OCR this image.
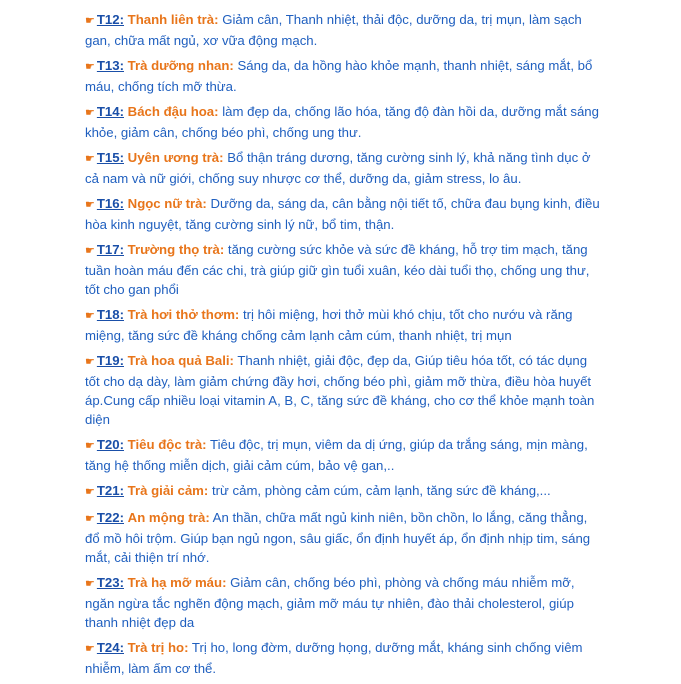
☛ T12: Thanh liên trà: Giảm cân, Thanh nhiệt, thải độc, dưỡng da, trị mụn, làm sạch gan, chữa mất ngủ, xơ vữa động mạch.
☛ T13: Trà dưỡng nhan: Sáng da, da hồng hào khỏe mạnh, thanh nhiệt, sáng mắt, bổ máu, chống tích mỡ thừa.
☛ T14: Bách đậu hoa: làm đẹp da, chống lão hóa, tăng độ đàn hồi da, dưỡng mắt sáng khỏe, giảm cân, chống béo phì, chống ung thư.
☛ T15: Uyên ương trà: Bổ thận tráng dương, tăng cường sinh lý, khả năng tình dục ở cả nam và nữ giới, chống suy nhược cơ thể, dưỡng da, giảm stress, lo âu.
☛ T16: Ngọc nữ trà: Dưỡng da, sáng da, cân bằng nội tiết tố, chữa đau bụng kinh, điều hòa kinh nguyệt, tăng cường sinh lý nữ, bổ tim, thận.
☛ T17: Trường thọ trà: tăng cường sức khỏe và sức đề kháng, hỗ trợ tim mạch, tăng tuần hoàn máu đến các chi, trà giúp giữ gìn tuổi xuân, kéo dài tuổi thọ, chống ung thư, tốt cho gan phổi
☛ T18: Trà hơi thở thơm: trị hôi miệng, hơi thở mùi khó chịu, tốt cho nướu và răng miệng, tăng sức đề kháng chống cảm lạnh cảm cúm, thanh nhiệt, trị mụn
☛ T19: Trà hoa quả Bali: Thanh nhiệt, giải độc, đẹp da, Giúp tiêu hóa tốt, có tác dụng tốt cho dạ dày, làm giảm chứng đầy hơi, chống béo phì, giảm mỡ thừa, điều hòa huyết áp.Cung cấp nhiều loại vitamin A, B, C, tăng sức đề kháng, cho cơ thể khỏe mạnh toàn diện
☛ T20: Tiêu độc trà: Tiêu độc, trị mụn, viêm da dị ứng, giúp da trắng sáng, mịn màng, tăng hệ thống miễn dịch, giải cảm cúm, bảo vệ gan,..
☛ T21: Trà giải cảm: trừ cảm, phòng cảm cúm, cảm lạnh, tăng sức đề kháng,...
☛ T22: An mộng trà: An thần, chữa mất ngủ kinh niên, bồn chồn, lo lắng, căng thẳng, đổ mồ hôi trộm. Giúp bạn ngủ ngon, sâu giấc, ổn định huyết áp, ổn định nhịp tim, sáng mắt, cải thiện trí nhớ.
☛ T23: Trà hạ mỡ máu: Giảm cân, chống béo phì, phòng và chống máu nhiễm mỡ, ngăn ngừa tắc nghẽn động mạch, giảm mỡ máu tự nhiên, đào thải cholesterol, giúp thanh nhiệt đẹp da
☛ T24: Trà trị ho: Trị ho, long đờm, dưỡng họng, dưỡng mắt, kháng sinh chống viêm nhiễm, làm ấm cơ thể.
